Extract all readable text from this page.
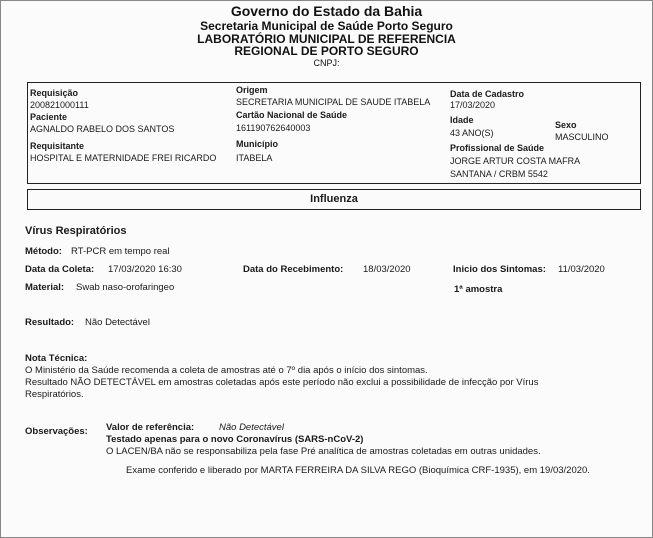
Governo do Estado da Bahia
Secretaria Municipal de Saúde Porto Seguro
LABORATÓRIO MUNICIPAL DE REFERENCIA
REGIONAL DE PORTO SEGURO
CNPJ:
Requisição
200821000111
Origem
SECRETARIA MUNICIPAL DE SAUDE ITABELA
Data de Cadastro
17/03/2020
Paciente
AGNALDO RABELO DOS SANTOS
Cartão Nacional de Saúde
161190762640003
Idade
43 ANO(S)
Sexo
MASCULINO
Requisitante
HOSPITAL E MATERNIDADE FREI RICARDO
Município
ITABELA
Profissional de Saúde
JORGE ARTUR COSTA MAFRA
SANTANA / CRBM 5542
Influenza
Vírus Respiratórios
Método: RT-PCR em tempo real
Data da Coleta: 17/03/2020 16:30	Data do Recebimento: 18/03/2020	Inicio dos Sintomas: 11/03/2020
Material: Swab naso-orofaringeo	1ª amostra
Resultado: Não Detectável
Nota Técnica:
O Ministério da Saúde recomenda a coleta de amostras até o 7º dia após o início dos sintomas.
Resultado NÃO DETECTÁVEL em amostras coletadas após este período não exclui a possibilidade de infecção por Vírus
Respiratórios.
Observações: Valor de referência:	Não Detectável
Testado apenas para o novo Coronavírus (SARS-nCoV-2)
O LACEN/BA não se responsabiliza pela fase Pré analítica de amostras coletadas em outras unidades.
Exame conferido e liberado por MARTA FERREIRA DA SILVA REGO (Bioquímica CRF-1935), em 19/03/2020.
